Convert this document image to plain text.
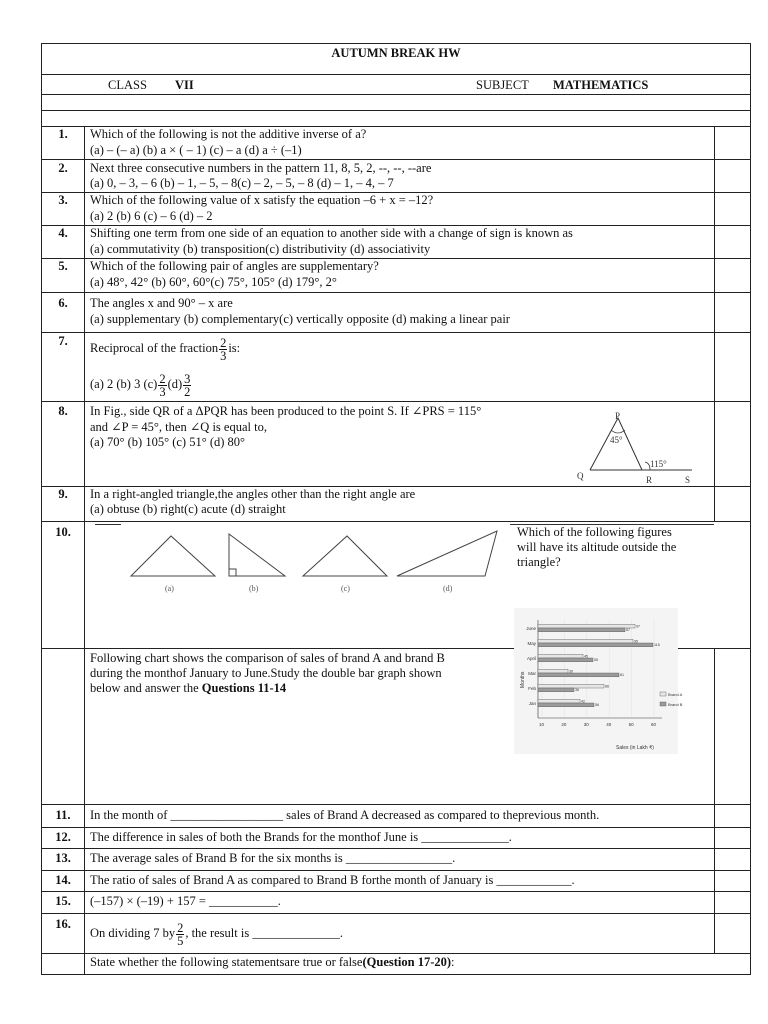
AUTUMN BREAK HW
CLASS VII	SUBJECT MATHEMATICS
1.	Which of the following is not the additive inverse of a?
(a) – (– a) (b) a × ( – 1) (c) – a (d) a ÷ (–1)
2.	Next three consecutive numbers in the pattern 11, 8, 5, 2, --, --, --are
(a) 0, – 3, – 6 (b) – 1, – 5, – 8(c) – 2, – 5, – 8 (d) – 1, – 4, – 7
3.	Which of the following value of x satisfy the equation –6 + x = –12?
(a) 2 (b) 6 (c) – 6 (d) – 2
4.	Shifting one term from one side of an equation to another side with a change of sign is known as
(a) commutativity (b) transposition(c) distributivity (d) associativity
5.	Which of the following pair of angles are supplementary?
(a) 48°, 42° (b) 60°, 60°(c) 75°, 105° (d) 179°, 2°
6.	The angles x and 90° – x are
(a) supplementary (b) complementary(c) vertically opposite (d) making a linear pair
7.	Reciprocal of the fraction $\frac{2}{3}$ is:
(a) 2 (b) 3 $(c) \frac{2}{3} (d) \frac{3}{2}$
8.	In Fig., side QR of a ΔPQR has been produced to the point S. If ∠PRS = 115°
and ∠P = 45°, then ∠Q is equal to,
(a) 70° (b) 105° (c) 51° (d) 80°
P
45°
Q	R	S
115°
9.	In a right-angled triangle,the angles other than the right angle are
(a) obtuse (b) right(c) acute (d) straight
10.	Which of the following figures
will have its altitude outside the
triangle?
(a)	(b)	(c)	(d)
Following chart shows the comparison of sales of brand A and brand B
during the monthof January to June.Study the double bar graph shown
below and answer the Questions 11-14	Months
Sales (in Lakh ₹)
10	20	30	40	50	60
June	97
87
May	95
115
April	45
55
Mar	30
81
Feb	66
36
Jan	42
56
Brand A
Brand B
11.	In the month of __________________ sales of Brand A decreased as compared to theprevious month.
12.	The difference in sales of both the Brands for the monthof June is ______________.
13.	The average sales of Brand B for the six months is _________________.
14.	The ratio of sales of Brand A as compared to Brand B forthe month of January is ____________.
15.	(–157) × (–19) + 157 = ___________.
16.
On dividing 7 by $\frac{2}{5}$ , the result is ______________.
State whether the following statementsare true or false(Question 17-20):
